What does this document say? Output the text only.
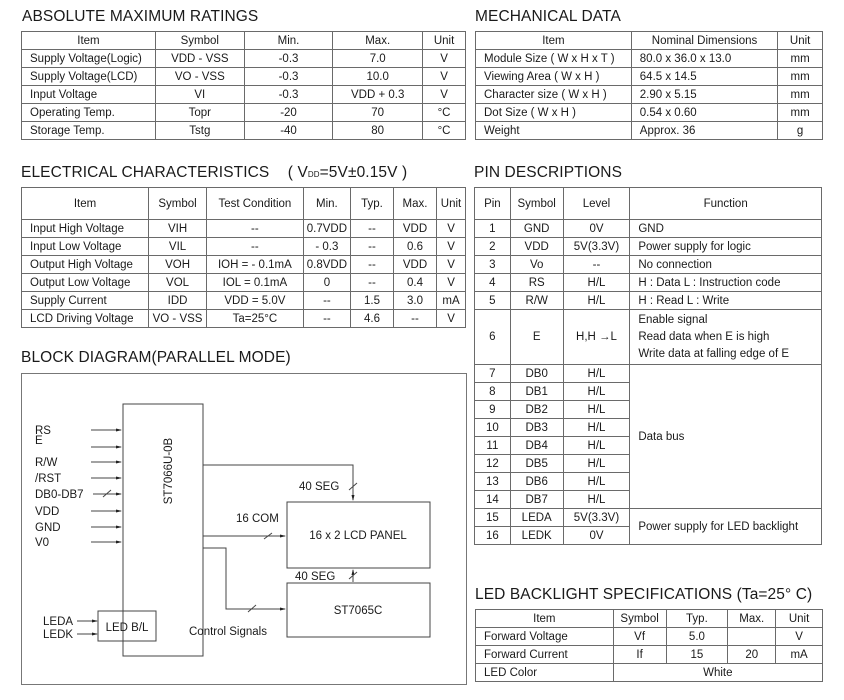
ABSOLUTE MAXIMUM RATINGS
Item	Symbol	Min.	Max.	Unit
Supply Voltage(Logic)	VDD - VSS	-0.3	7.0	V
Supply Voltage(LCD)	VO - VSS	-0.3	10.0	V
Input Voltage	VI	-0.3	VDD + 0.3	V
Operating Temp.	Topr	-20	70	°C
Storage Temp.	Tstg	-40	80	°C
MECHANICAL DATA
Item	Nominal Dimensions	Unit
Module Size ( W x H x T )	80.0 x 36.0 x 13.0	mm
Viewing Area ( W x H )	64.5 x 14.5	mm
Character size ( W x H )	2.90 x 5.15	mm
Dot Size ( W x H )	0.54 x 0.60	mm
Weight	Approx. 36	g
ELECTRICAL CHARACTERISTICS ( VDD=5V±0.15V )
Item	Symbol	Test Condition	Min.	Typ.	Max.	Unit
Input High Voltage	VIH	--	0.7VDD	--	VDD	V
Input Low Voltage	VIL	--	- 0.3	--	0.6	V
Output High Voltage	VOH	IOH = - 0.1mA	0.8VDD	--	VDD	V
Output Low Voltage	VOL	IOL = 0.1mA	0	--	0.4	V
Supply Current	IDD	VDD = 5.0V	--	1.5	3.0	mA
LCD Driving Voltage	VO - VSS	Ta=25°C	--	4.6	--	V
PIN DESCRIPTIONS
Pin	Symbol	Level	Function
1	GND	0V	GND
2	VDD	5V(3.3V)	Power supply for logic
3	Vo	--	No connection
4	RS	H/L	H : Data L : Instruction code
5	R/W	H/L	H : Read L : Write
6	E	H,H →L	Enable signal
Read data when E is high
Write data at falling edge of E

7	DB0	H/L	Data bus
8	DB1	H/L	
9	DB2	H/L	
10	DB3	H/L	
11	DB4	H/L	
12	DB5	H/L	
13	DB6	H/L	
14	DB7	H/L	
15	LEDA	5V(3.3V)	Power supply for LED backlight
16	LEDK	0V	
BLOCK DIAGRAM(PARALLEL MODE)
RS
E
R/W
/RST
DB0-DB7
VDD
GND
V0
ST7066U-0B
16 x 2 LCD PANEL
ST7065C
40 SEG
40 SEG
16 COM
Control Signals
LED B/L
LEDA
LEDK
LED BACKLIGHT SPECIFICATIONS (Ta=25° C)
Item	Symbol	Typ.	Max.	Unit
Forward Voltage	Vf	5.0		V
Forward Current	If	15	20	mA
LED Color	White			
